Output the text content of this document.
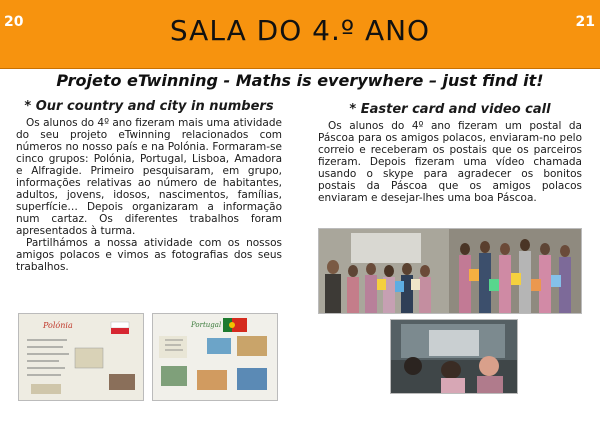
20	SALA DO 4.º ANO	21
Projeto eTwinning - Maths is everywhere – just find it!
* Our country and city in numbers

Os alunos do 4º ano fizeram mais uma atividade do seu projeto eTwinning relacionados com números no nosso país e na Polónia. Formaram-se cinco grupos: Polónia, Portugal, Lisboa, Amadora e Alfragide. Primeiro pesquisaram, em grupo, informações relativas ao número de habitantes, adultos, jovens, idosos, nascimentos, famílias, superfície… Depois organizaram a informação num cartaz. Os diferentes trabalhos foram apresentados à turma.

Partilhámos a nossa atividade com os nossos amigos polacos e vimos as fotografias dos seus trabalhos.

* Easter card and video call

Os alunos do 4º ano fizeram um postal da Páscoa para os amigos polacos, enviaram-no pelo correio e receberam os postais que os parceiros fizeram. Depois fizeram uma vídeo chamada usando o skype para agradecer os bonitos postais da Páscoa que os amigos polacos enviaram e desejar-lhes uma boa Páscoa.

Polónia	Portugal
